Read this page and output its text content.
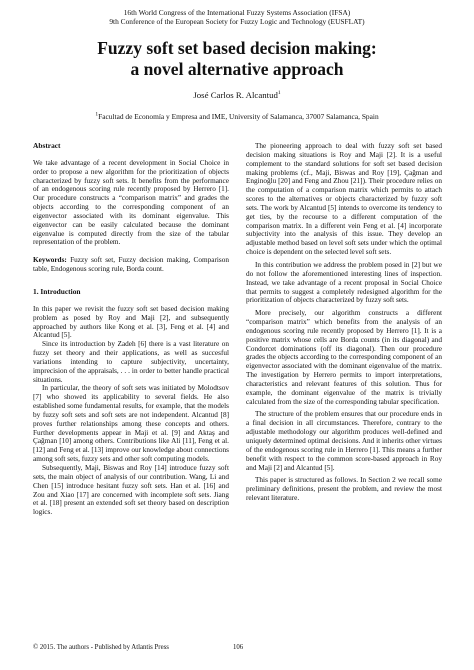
16th World Congress of the International Fuzzy Systems Association (IFSA)
9th Conference of the European Society for Fuzzy Logic and Technology (EUSFLAT)
Fuzzy soft set based decision making:
a novel alternative approach
José Carlos R. Alcantud$^1$
$^1$Facultad de Economía y Empresa and IME, University of Salamanca, 37007 Salamanca, Spain
Abstract

We take advantage of a recent development in Social Choice in order to propose a new algorithm for the prioritization of objects characterized by fuzzy soft sets. It benefits from the performance of an endogenous scoring rule recently proposed by Herrero [1]. Our procedure constructs a “comparison matrix” and grades the objects according to the corresponding component of an eigenvector associated with its dominant eigenvalue. This eigenvector can be easily calculated because the dominant eigenvalue is computed directly from the size of the tabular representation of the problem.

Keywords: Fuzzy soft set, Fuzzy decision making, Comparison table, Endogenous scoring rule, Borda count.

1. Introduction

In this paper we revisit the fuzzy soft set based decision making problem as posed by Roy and Maji [2], and subsequently approached by authors like Kong et al. [3], Feng et al. [4] and Alcantud [5].

Since its introduction by Zadeh [6] there is a vast literature on fuzzy set theory and their applications, as well as succesful variations intending to capture subjectivity, uncertainty, imprecision of the appraisals, . . . in order to better handle practical situations.

In particular, the theory of soft sets was initiated by Molodtsov [7] who showed its applicability to several fields. He also established some fundamental results, for example, that the models by fuzzy soft sets and soft sets are not independent. Alcantud [8] proves further relationships among these concepts and others. Further developments appear in Maji et al. [9] and Aktaş and Çağman [10] among others. Contributions like Ali [11], Feng et al. [12] and Feng et al. [13] improve our knowledge about connections among soft sets, fuzzy sets and other soft computing models.

Subsequently, Maji, Biswas and Roy [14] introduce fuzzy soft sets, the main object of analysis of our contribution. Wang, Li and Chen [15] introduce hesitant fuzzy soft sets. Han et al. [16] and Zou and Xiao [17] are concerned with incomplete soft sets. Jiang et al. [18] present an extended soft set theory based on description logics.

The pioneering approach to deal with fuzzy soft set based decision making situations is Roy and Maji [2]. It is a useful complement to the standard solutions for soft set based decision making problems (cf., Maji, Biswas and Roy [19], Çağman and Enginoğlu [20] and Feng and Zhou [21]). Their procedure relies on the computation of a comparison matrix which permits to attach scores to the alternatives or objects characterized by fuzzy soft sets. The work by Alcantud [5] intends to overcome its tendency to get ties, by the recourse to a different computation of the comparison matrix. In a different vein Feng et al. [4] incorporate subjectivity into the analysis of this issue. They develop an adjustable method based on level soft sets under which the optimal choice is dependent on the selected level soft sets.

In this contribution we address the problem posed in [2] but we do not follow the aforementioned interesting lines of inspection. Instead, we take advantage of a recent proposal in Social Choice that permits to suggest a completely redesigned algorithm for the prioritization of objects characterized by fuzzy soft sets.

More precisely, our algorithm constructs a different “comparison matrix” which benefits from the analysis of an endogenous scoring rule recently proposed by Herrero [1]. It is a positive matrix whose cells are Borda counts (in its diagonal) and Condorcet dominations (off its diagonal). Then our procedure grades the objects according to the corresponding component of an eigenvector associated with the dominant eigenvalue of the matrix. The investigation by Herrero permits to import interpretations, characteristics and relevant features of this solution. Thus for example, the dominant eigenvalue of the matrix is trivially calculated from the size of the corresponding tabular specification.

The structure of the problem ensures that our procedure ends in a final decision in all circumstances. Therefore, contrary to the adjustable methodology our algorithm produces well-defined and uniquely determined optimal decisions. And it inherits other virtues of the endogenous scoring rule in Herrero [1]. This means a further benefit with respect to the common score-based approach in Roy and Maji [2] and Alcantud [5].

This paper is structured as follows. In Section 2 we recall some preliminary definitions, present the problem, and review the most relevant literature.

© 2015. The authors - Published by Atlantis Press	106
